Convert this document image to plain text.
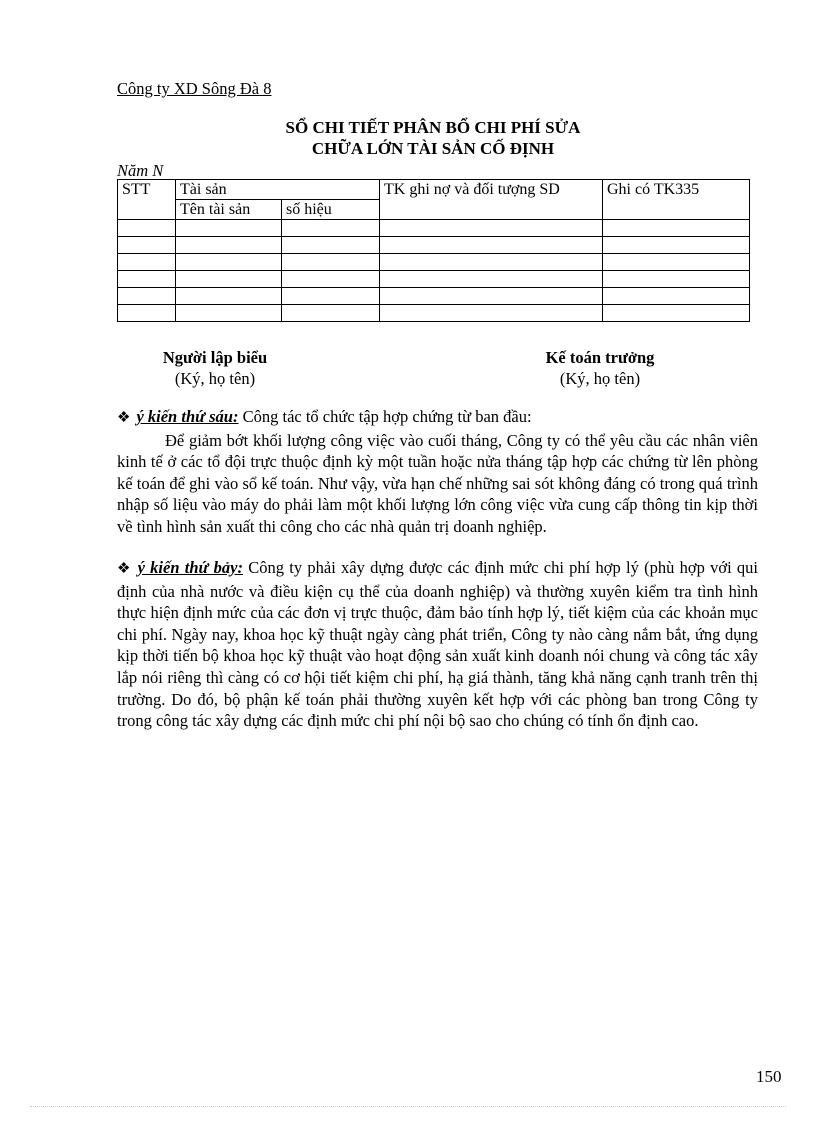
Công ty XD Sông Đà 8
SỔ CHI TIẾT PHÂN BỔ CHI PHÍ SỬA
CHỮA LỚN TÀI SẢN CỐ ĐỊNH
Năm N
STT	Tài sản		TK ghi nợ và đối tượng SD	Ghi có TK335
	Tên tài sản	số hiệu		

Người lập biểu
(Ký, họ tên)
Kế toán trưởng
(Ký, họ tên)
❖ ý kiến thứ sáu: Công tác tổ chức tập hợp chứng từ ban đầu:
Để giảm bớt khối lượng công việc vào cuối tháng, Công ty có thể yêu cầu các nhân viên kinh tế ở các tổ đội trực thuộc định kỳ một tuần hoặc nửa tháng tập hợp các chứng từ lên phòng kế toán để ghi vào sổ kế toán. Như vậy, vừa hạn chế những sai sót không đáng có trong quá trình nhập số liệu vào máy do phải làm một khối lượng lớn công việc vừa cung cấp thông tin kịp thời về tình hình sản xuất thi công cho các nhà quản trị doanh nghiệp.
❖ ý kiến thứ bảy: Công ty phải xây dựng được các định mức chi phí hợp lý (phù hợp với qui định của nhà nước và điều kiện cụ thể của doanh nghiệp) và thường xuyên kiểm tra tình hình thực hiện định mức của các đơn vị trực thuộc, đảm bảo tính hợp lý, tiết kiệm của các khoản mục chi phí. Ngày nay, khoa học kỹ thuật ngày càng phát triển, Công ty nào càng nắm bắt, ứng dụng kịp thời tiến bộ khoa học kỹ thuật vào hoạt động sản xuất kinh doanh nói chung và công tác xây lắp nói riêng thì càng có cơ hội tiết kiệm chi phí, hạ giá thành, tăng khả năng cạnh tranh trên thị trường. Do đó, bộ phận kế toán phải thường xuyên kết hợp với các phòng ban trong Công ty trong công tác xây dựng các định mức chi phí nội bộ sao cho chúng có tính ổn định cao.
150
